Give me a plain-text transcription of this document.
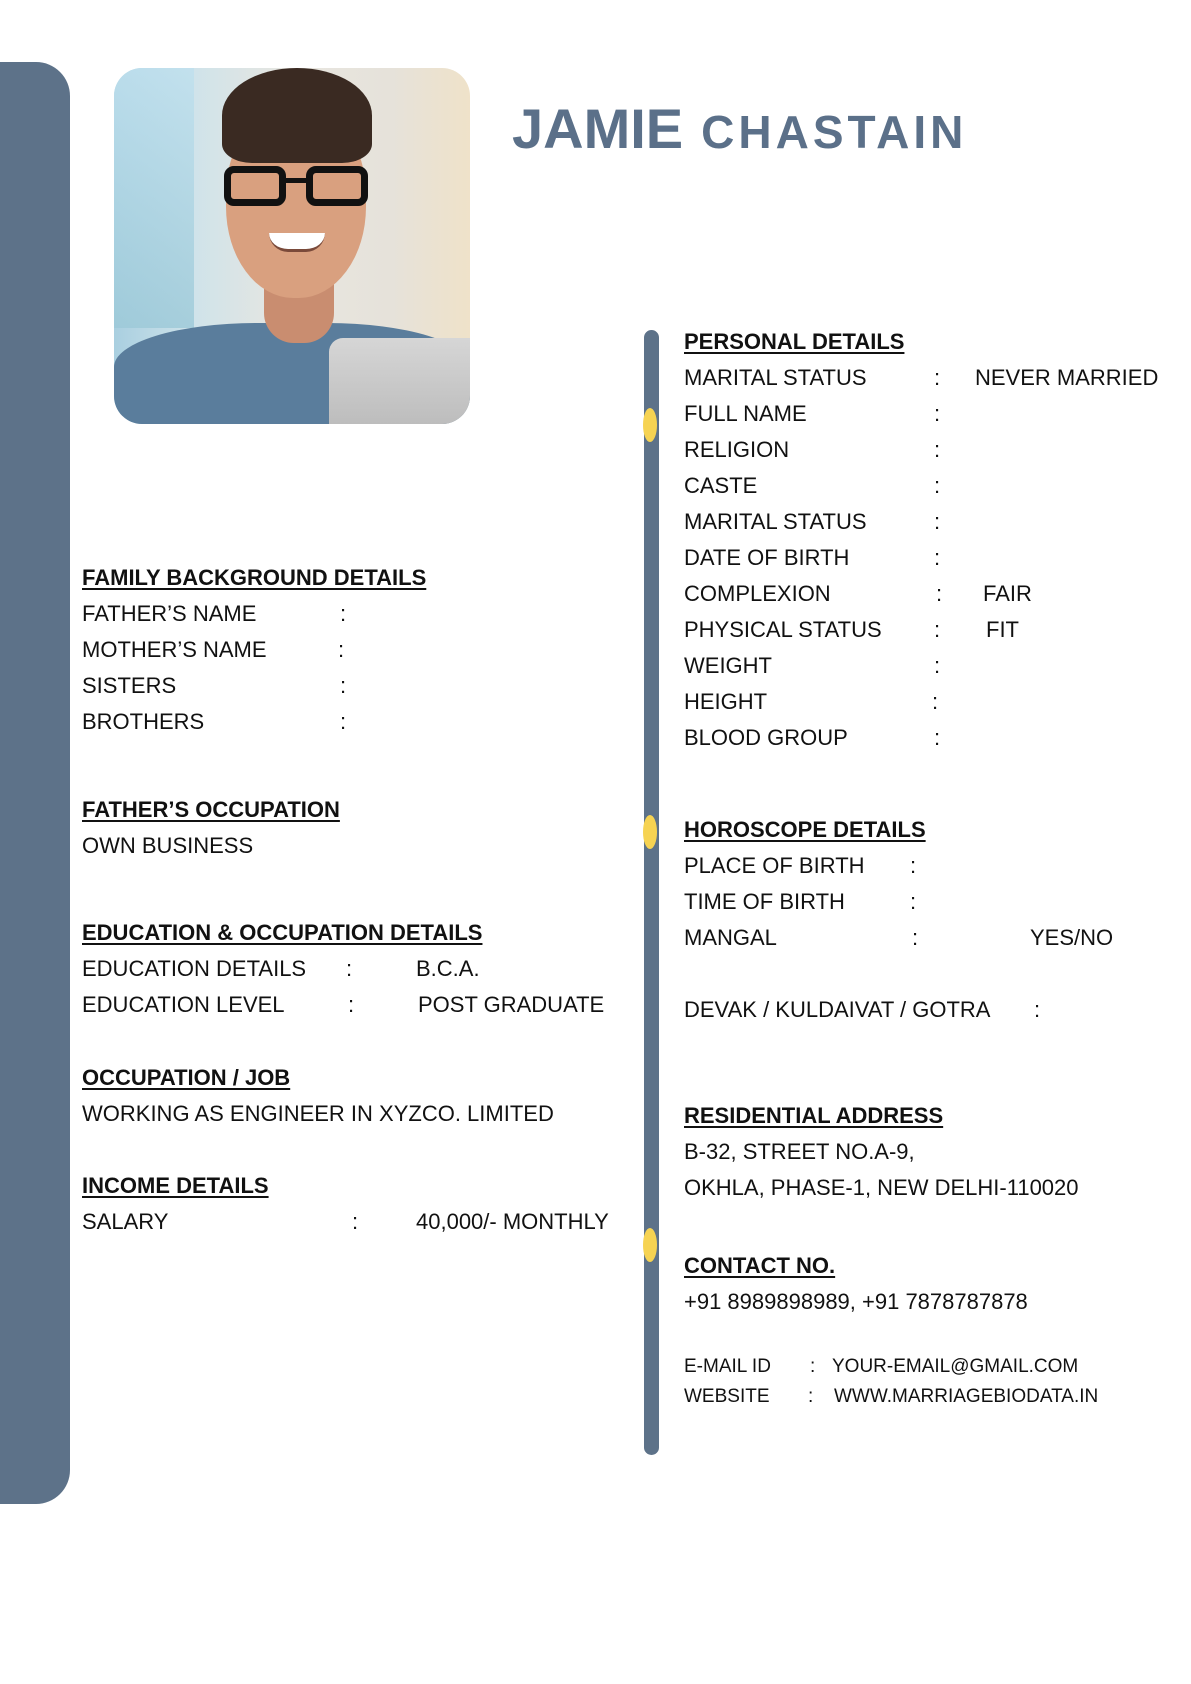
JAMIE CHASTAIN
FAMILY BACKGROUND DETAILS
FATHER’S NAME	:
MOTHER’S NAME	:
SISTERS	:
BROTHERS	:
FATHER’S OCCUPATION
OWN BUSINESS
EDUCATION & OCCUPATION DETAILS
EDUCATION DETAILS :	B.C.A.
EDUCATION LEVEL	:	POST GRADUATE
OCCUPATION / JOB
WORKING AS ENGINEER IN XYZCO. LIMITED
INCOME DETAILS
SALARY	:	40,000/- MONTHLY
PERSONAL DETAILS
MARITAL STATUS	: NEVER MARRIED
FULL NAME	:
RELIGION	:
CASTE	:
MARITAL STATUS	:
DATE OF BIRTH	:
COMPLEXION	: FAIR
PHYSICAL STATUS : FIT
WEIGHT	:
HEIGHT	:
BLOOD GROUP	:
HOROSCOPE DETAILS
PLACE OF BIRTH :
TIME OF BIRTH	:
MANGAL	:	YES/NO
DEVAK / KULDAIVAT / GOTRA :
RESIDENTIAL ADDRESS
B-32, STREET NO.A-9,
OKHLA, PHASE-1, NEW DELHI-110020
CONTACT NO.
+91 8989898989, +91 7878787878
E-MAIL ID : YOUR-EMAIL@GMAIL.COM
WEBSITE : WWW.MARRIAGEBIODATA.IN
